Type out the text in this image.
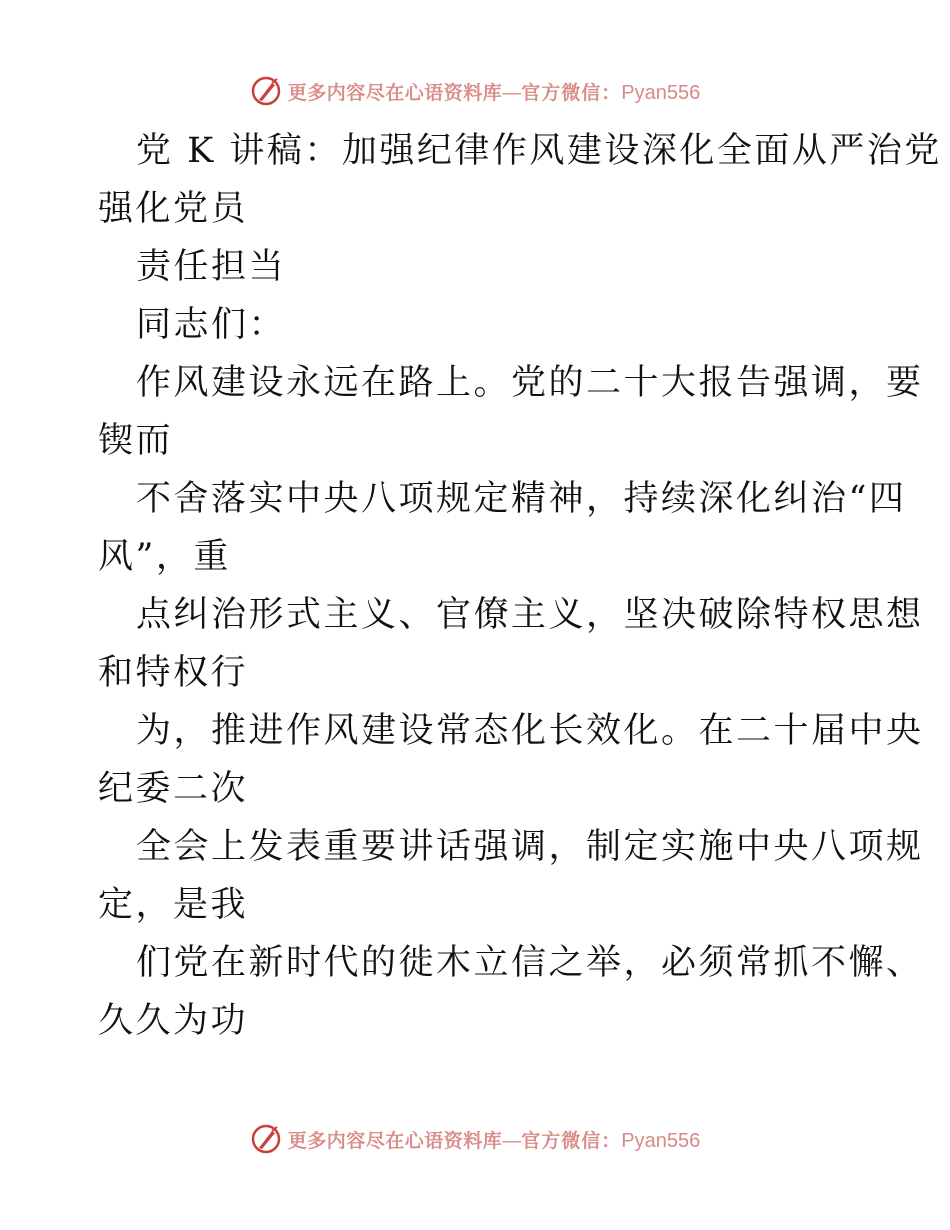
更多内容尽在心语资料库 — 官方微信： Pyan556
党 K 讲稿：加强纪律作风建设深化全面从严治党
强化党员
责任担当
同志们：
作风建设永远在路上。党的二十大报告强调，要
锲而
不舍落实中央八项规定精神，持续深化纠治“四
风”，重
点纠治形式主义、官僚主义，坚决破除特权思想
和特权行
为，推进作风建设常态化长效化。在二十届中央
纪委二次
全会上发表重要讲话强调，制定实施中央八项规
定，是我
们党在新时代的徙木立信之举，必须常抓不懈、
久久为功
更多内容尽在心语资料库 — 官方微信： Pyan556
